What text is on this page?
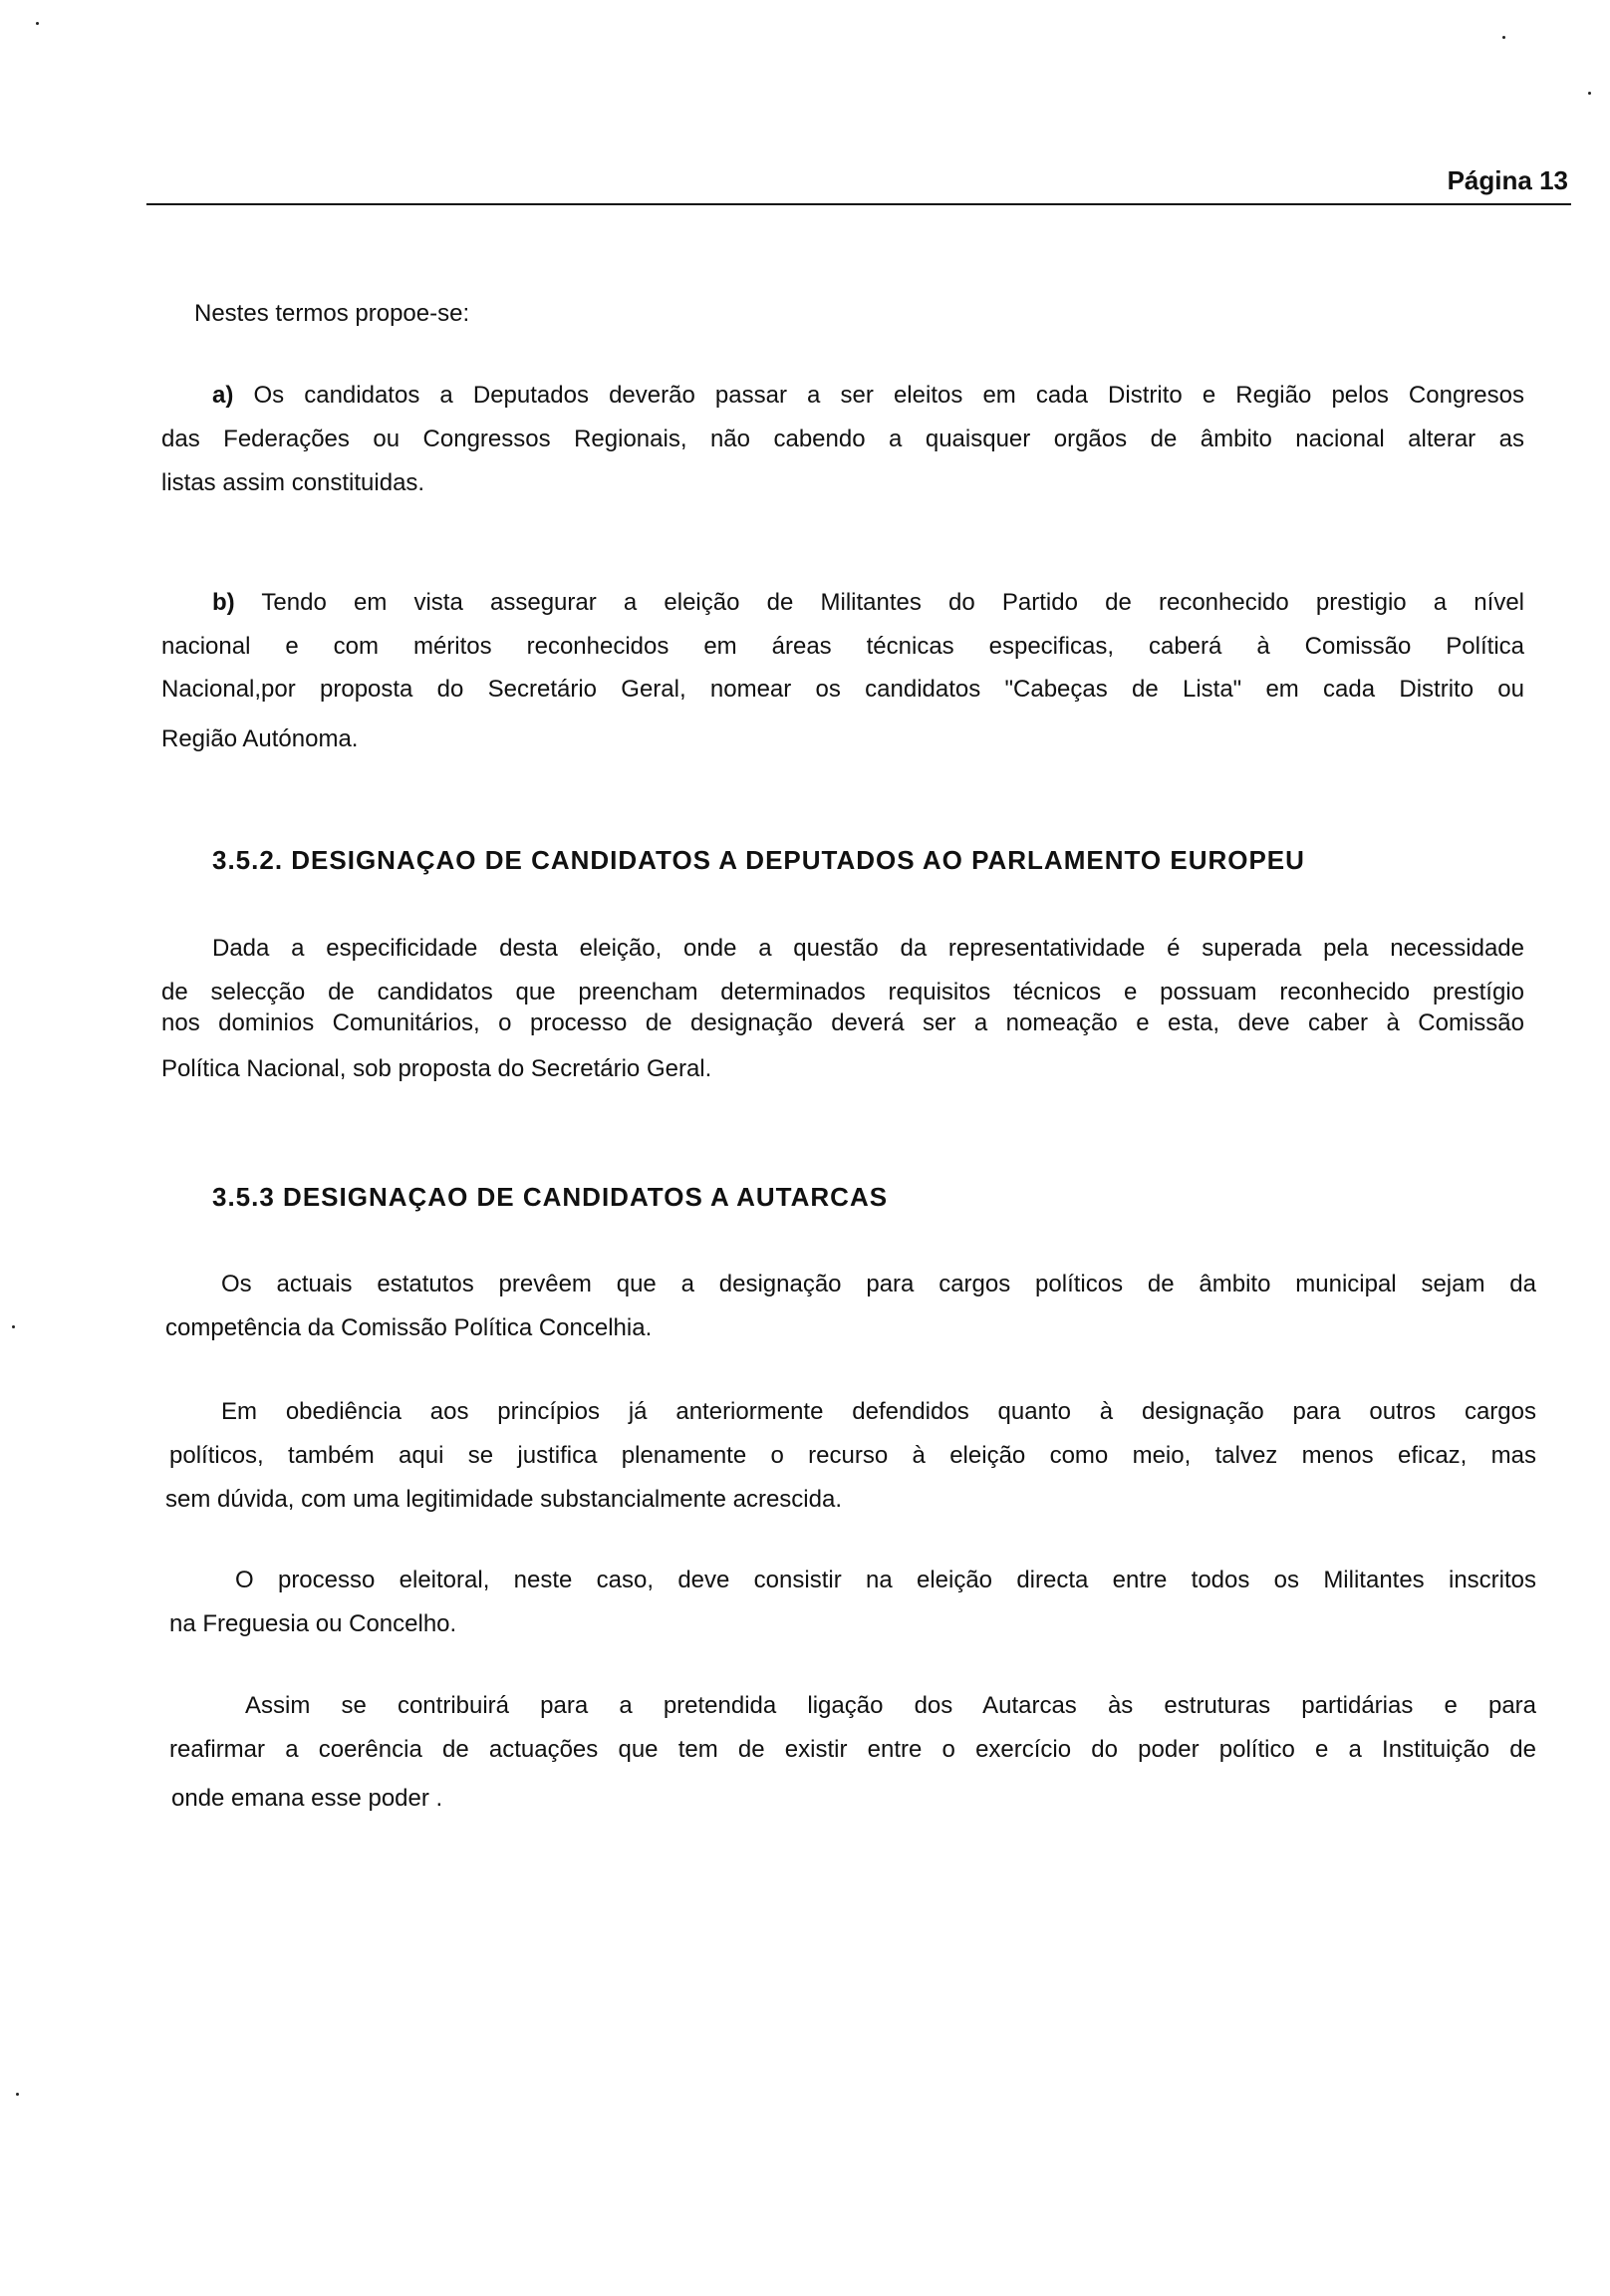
Página 13
Nestes termos propoe-se:
a) Os candidatos a Deputados deverão passar a ser eleitos em cada Distrito e Região pelos Congresos
das Federações ou Congressos Regionais, não cabendo a quaisquer orgãos de âmbito nacional alterar as
listas assim constituidas.
b) Tendo em vista assegurar a eleição de Militantes do Partido de reconhecido prestigio a nível
nacional e com méritos reconhecidos em áreas técnicas especificas, caberá à Comissão Política
Nacional,por proposta do Secretário Geral, nomear os candidatos "Cabeças de Lista" em cada Distrito ou
Região Autónoma.
3.5.2. DESIGNAÇAO DE CANDIDATOS A DEPUTADOS AO PARLAMENTO EUROPEU
Dada a especificidade desta eleição, onde a questão da representatividade é superada pela necessidade
de selecção de candidatos que preencham determinados requisitos técnicos e possuam reconhecido prestígio
nos dominios Comunitários, o processo de designação deverá ser a nomeação e esta, deve caber à Comissão
Política Nacional, sob proposta do Secretário Geral.
3.5.3 DESIGNAÇAO DE CANDIDATOS A AUTARCAS
Os actuais estatutos prevêem que a designação para cargos políticos de âmbito municipal sejam da
competência da Comissão Política Concelhia.
Em obediência aos princípios já anteriormente defendidos quanto à designação para outros cargos
políticos, também aqui se justifica plenamente o recurso à eleição como meio, talvez menos eficaz, mas
sem dúvida, com uma legitimidade substancialmente acrescida.
O processo eleitoral, neste caso, deve consistir na eleição directa entre todos os Militantes inscritos
na Freguesia ou Concelho.
Assim se contribuirá para a pretendida ligação dos Autarcas às estruturas partidárias e para
reafirmar a coerência de actuações que tem de existir entre o exercício do poder político e a Instituição de
onde emana esse poder .
